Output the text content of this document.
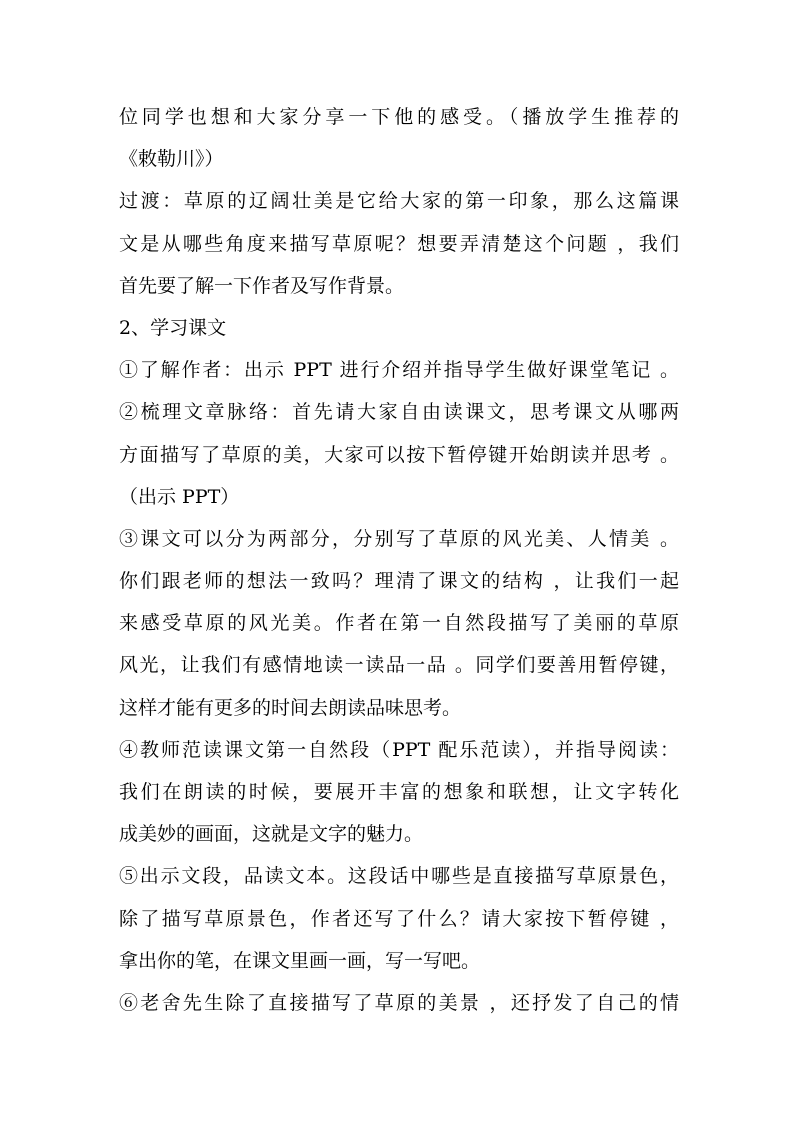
位同学也想和大家分享一下他的感受。（播放学生推荐的
《敕勒川》）
过渡：草原的辽阔壮美是它给大家的第一印象，那么这篇课
文是从哪些角度来描写草原呢？想要弄清楚这个问题 ，我们
首先要了解一下作者及写作背景。
2、学习课文
①了解作者：出示 PPT 进行介绍并指导学生做好课堂笔记 。
②梳理文章脉络：首先请大家自由读课文，思考课文从哪两
方面描写了草原的美，大家可以按下暂停键开始朗读并思考 。
（出示 PPT）
③课文可以分为两部分，分别写了草原的风光美、人情美 。
你们跟老师的想法一致吗？理清了课文的结构 ，让我们一起
来感受草原的风光美。作者在第一自然段描写了美丽的草原
风光，让我们有感情地读一读品一品 。同学们要善用暂停键，
这样才能有更多的时间去朗读品味思考。
④教师范读课文第一自然段（PPT 配乐范读），并指导阅读：
我们在朗读的时候，要展开丰富的想象和联想，让文字转化
成美妙的画面，这就是文字的魅力。
⑤出示文段，品读文本。这段话中哪些是直接描写草原景色，
除了描写草原景色，作者还写了什么？请大家按下暂停键 ，
拿出你的笔，在课文里画一画，写一写吧。
⑥老舍先生除了直接描写了草原的美景 ，还抒发了自己的情
